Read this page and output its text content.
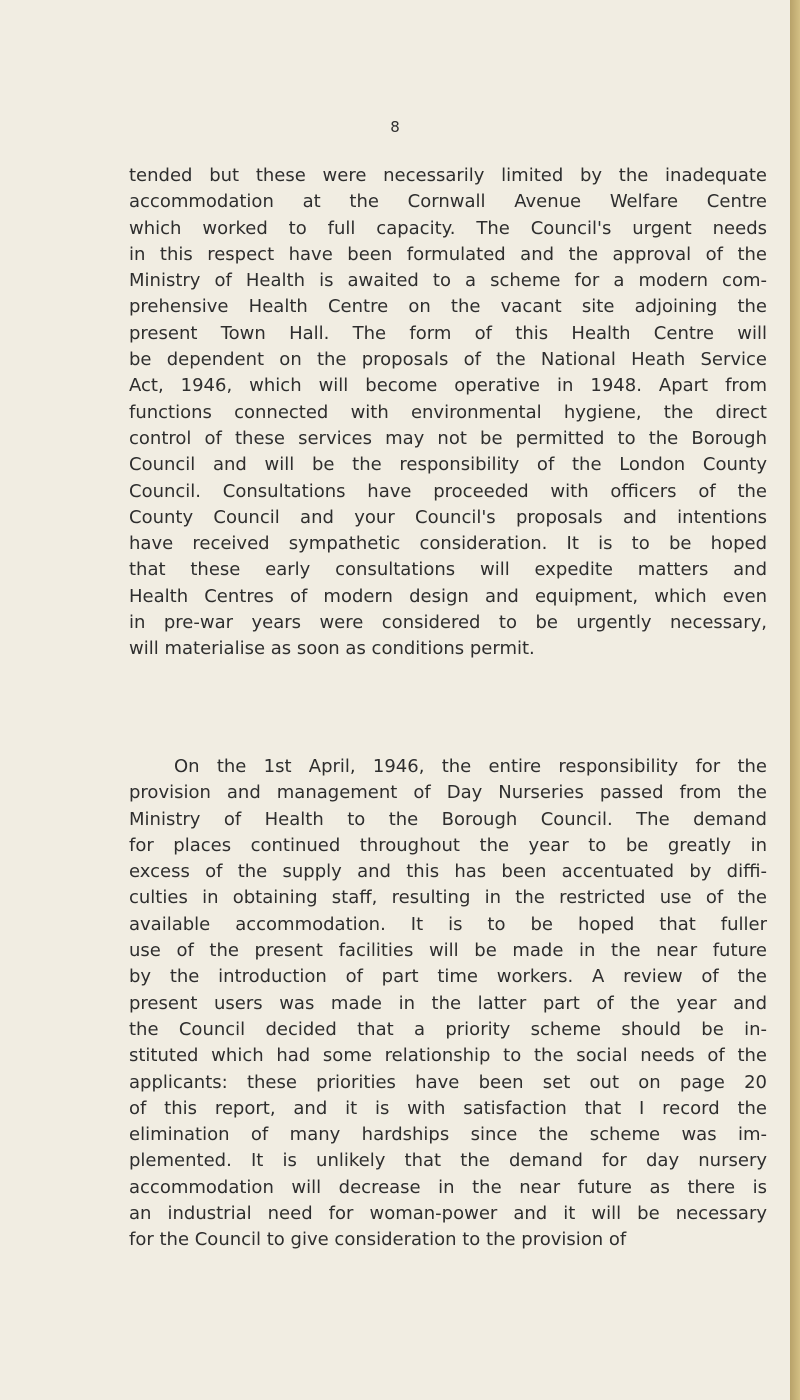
8
tended but these were necessarily limited by the inadequate
accommodation at the Cornwall Avenue Welfare Centre
which worked to full capacity. The Council's urgent needs
in this respect have been formulated and the approval of the
Ministry of Health is awaited to a scheme for a modern com-
prehensive Health Centre on the vacant site adjoining the
present Town Hall. The form of this Health Centre will
be dependent on the proposals of the National Heath Service
Act, 1946, which will become operative in 1948. Apart from
functions connected with environmental hygiene, the direct
control of these services may not be permitted to the Borough
Council and will be the responsibility of the London County
Council. Consultations have proceeded with officers of the
County Council and your Council's proposals and intentions
have received sympathetic consideration. It is to be hoped
that these early consultations will expedite matters and
Health Centres of modern design and equipment, which even
in pre-war years were considered to be urgently necessary,
will materialise as soon as conditions permit.
On the 1st April, 1946, the entire responsibility for the
provision and management of Day Nurseries passed from the
Ministry of Health to the Borough Council. The demand
for places continued throughout the year to be greatly in
excess of the supply and this has been accentuated by diffi-
culties in obtaining staff, resulting in the restricted use of the
available accommodation. It is to be hoped that fuller
use of the present facilities will be made in the near future
by the introduction of part time workers. A review of the
present users was made in the latter part of the year and
the Council decided that a priority scheme should be in-
stituted which had some relationship to the social needs of the
applicants: these priorities have been set out on page 20
of this report, and it is with satisfaction that I record the
elimination of many hardships since the scheme was im-
plemented. It is unlikely that the demand for day nursery
accommodation will decrease in the near future as there is
an industrial need for woman-power and it will be necessary
for the Council to give consideration to the provision of
